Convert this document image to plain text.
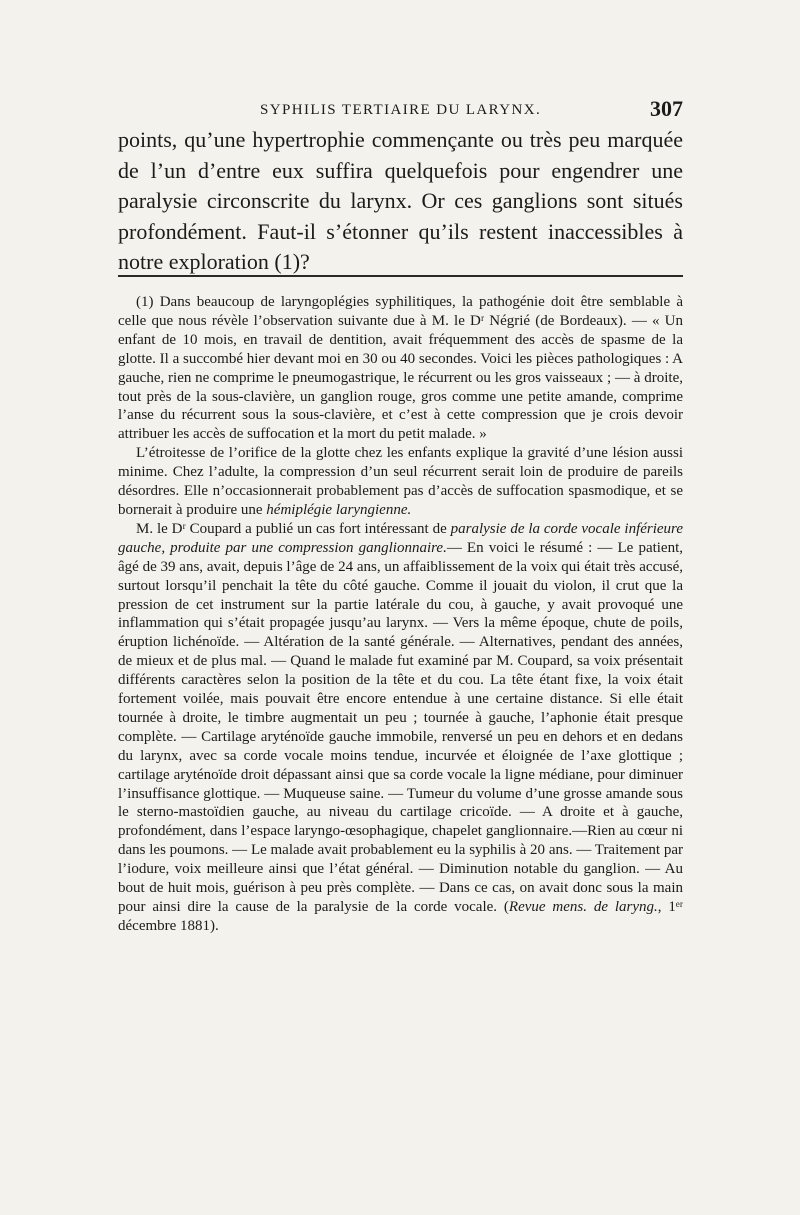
SYPHILIS TERTIAIRE DU LARYNX.	307

points, qu’une hypertrophie commençante ou très peu marquée de l’un d’entre eux suffira quelquefois pour engendrer une paralysie circonscrite du larynx. Or ces ganglions sont situés profondément. Faut-il s’étonner qu’ils restent inaccessibles à notre exploration (1)?

(1) Dans beaucoup de laryngoplégies syphilitiques, la pathogénie doit être semblable à celle que nous révèle l’observation suivante due à M. le Dʳ Négrié (de Bordeaux). — « Un enfant de 10 mois, en travail de dentition, avait fréquemment des accès de spasme de la glotte. Il a succombé hier devant moi en 30 ou 40 secondes. Voici les pièces pathologiques : A gauche, rien ne comprime le pneumogastrique, le récurrent ou les gros vaisseaux ; — à droite, tout près de la sous-clavière, un ganglion rouge, gros comme une petite amande, comprime l’anse du récurrent sous la sous-clavière, et c’est à cette compression que je crois devoir attribuer les accès de suffocation et la mort du petit malade. »

L’étroitesse de l’orifice de la glotte chez les enfants explique la gravité d’une lésion aussi minime. Chez l’adulte, la compression d’un seul récurrent serait loin de produire de pareils désordres. Elle n’occasionnerait probablement pas d’accès de suffocation spasmodique, et se bornerait à produire une hémiplégie laryngienne.

M. le Dʳ Coupard a publié un cas fort intéressant de paralysie de la corde vocale inférieure gauche, produite par une compression ganglionnaire.— En voici le résumé : — Le patient, âgé de 39 ans, avait, depuis l’âge de 24 ans, un affaiblissement de la voix qui était très accusé, surtout lorsqu’il penchait la tête du côté gauche. Comme il jouait du violon, il crut que la pression de cet instrument sur la partie latérale du cou, à gauche, y avait provoqué une inflammation qui s’était propagée jusqu’au larynx. — Vers la même époque, chute de poils, éruption lichénoïde. — Altération de la santé générale. — Alternatives, pendant des années, de mieux et de plus mal. — Quand le malade fut examiné par M. Coupard, sa voix présentait différents caractères selon la position de la tête et du cou. La tête étant fixe, la voix était fortement voilée, mais pouvait être encore entendue à une certaine distance. Si elle était tournée à droite, le timbre augmentait un peu ; tournée à gauche, l’aphonie était presque complète. — Cartilage aryténoïde gauche immobile, renversé un peu en dehors et en dedans du larynx, avec sa corde vocale moins tendue, incurvée et éloignée de l’axe glottique ; cartilage aryténoïde droit dépassant ainsi que sa corde vocale la ligne médiane, pour diminuer l’insuffisance glottique. — Muqueuse saine. — Tumeur du volume d’une grosse amande sous le sterno-mastoïdien gauche, au niveau du cartilage cricoïde. — A droite et à gauche, profondément, dans l’espace laryngo-œsophagique, chapelet ganglionnaire.—Rien au cœur ni dans les poumons. — Le malade avait probablement eu la syphilis à 20 ans. — Traitement par l’iodure, voix meilleure ainsi que l’état général. — Diminution notable du ganglion. — Au bout de huit mois, guérison à peu près complète. — Dans ce cas, on avait donc sous la main pour ainsi dire la cause de la paralysie de la corde vocale. (Revue mens. de laryng., 1ᵉʳ décembre 1881).
